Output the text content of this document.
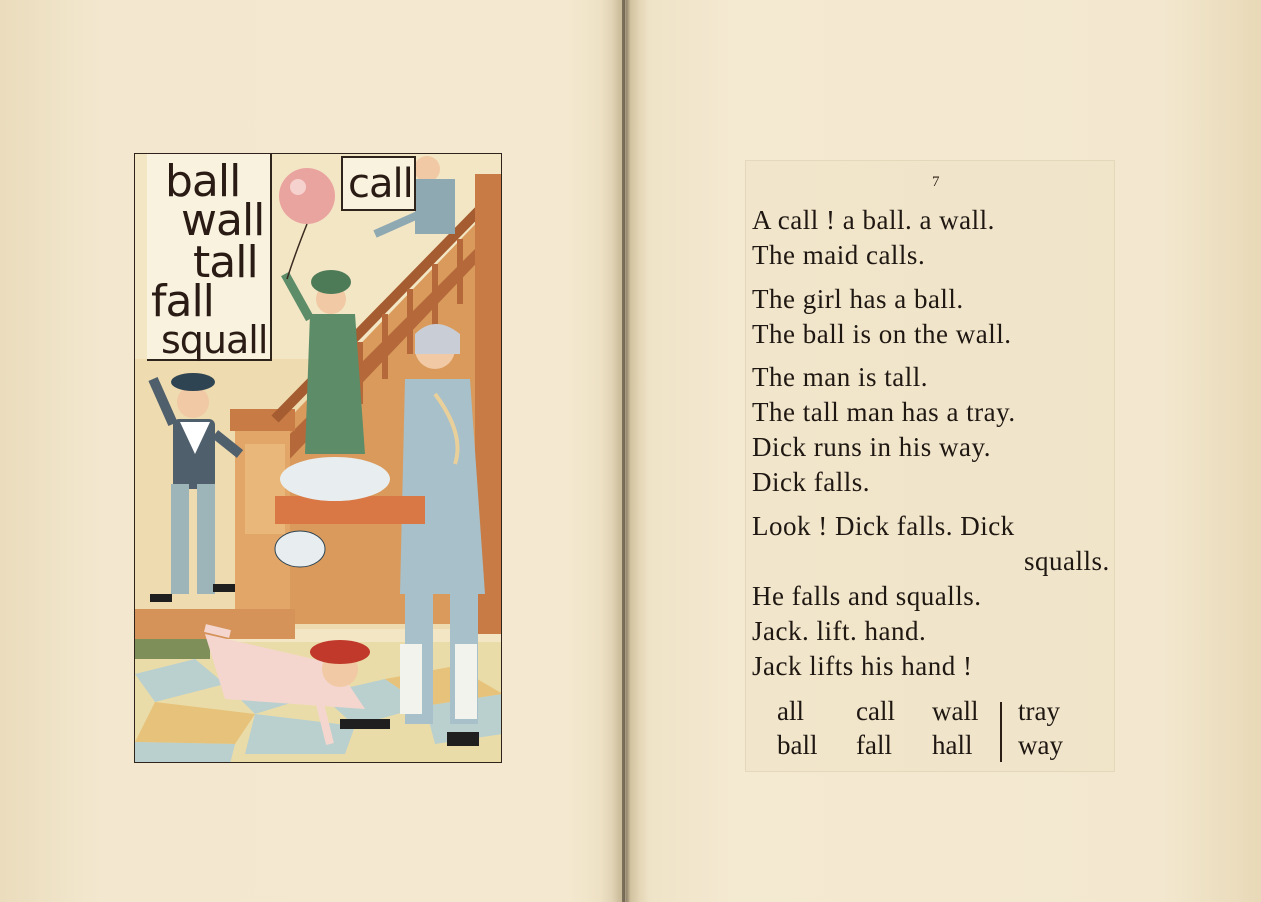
ball
wall
tall
fall
squall
call	7
A call ! a ball. a wall.
The maid calls.
The girl has a ball.
The ball is on the wall.
The man is tall.
The tall man has a tray.
Dick runs in his way.
Dick falls.
Look ! Dick falls. Dick
squalls.
He falls and squalls.
Jack. lift. hand.
Jack lifts his hand !
all call wall tray
ball fall hall way
